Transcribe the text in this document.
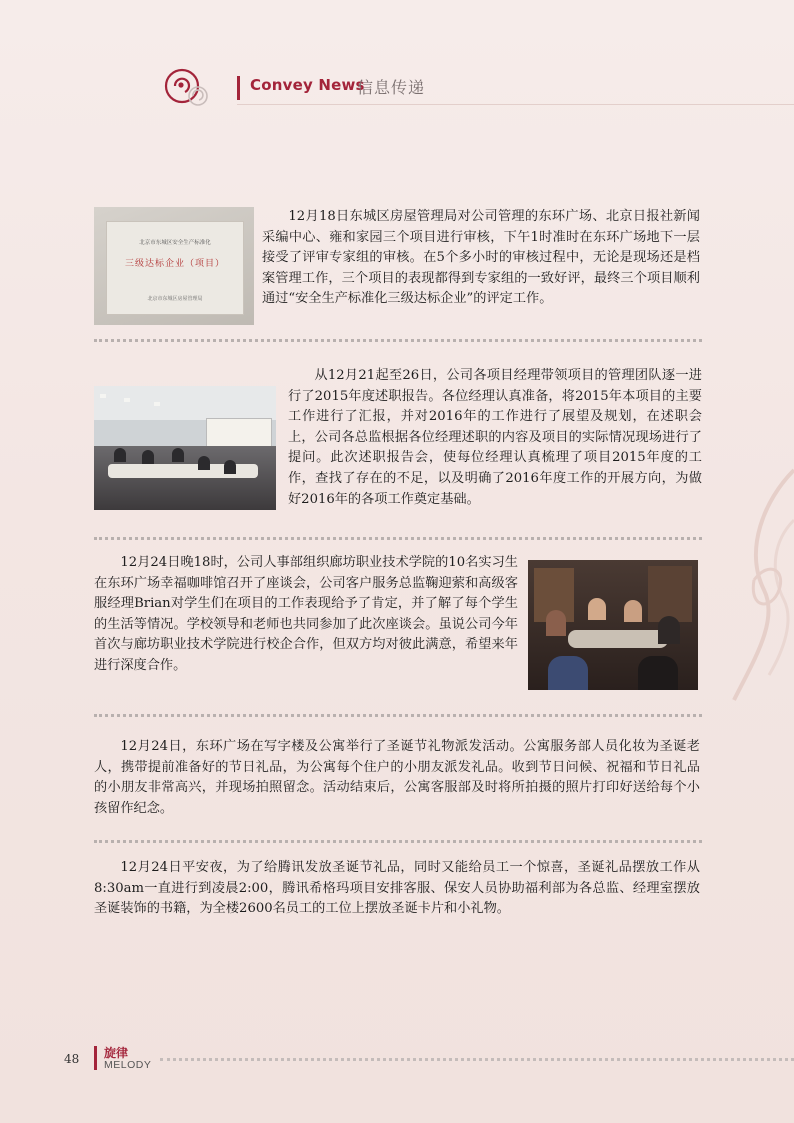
Convey News
信息传递
北京市东城区安全生产标准化
三级达标企业（项目）
北京市东城区房屋管理局

12月18日东城区房屋管理局对公司管理的东环广场、北京日报社新闻采编中心、雍和家园三个项目进行审核，下午1时准时在东环广场地下一层接受了评审专家组的审核。在5个多小时的审核过程中，无论是现场还是档案管理工作，三个项目的表现都得到专家组的一致好评，最终三个项目顺利通过“安全生产标准化三级达标企业”的评定工作。

从12月21起至26日，公司各项目经理带领项目的管理团队逐一进行了2015年度述职报告。各位经理认真准备，将2015年本项目的主要工作进行了汇报，并对2016年的工作进行了展望及规划，在述职会上，公司各总监根据各位经理述职的内容及项目的实际情况现场进行了提问。此次述职报告会，使每位经理认真梳理了项目2015年度的工作，查找了存在的不足，以及明确了2016年度工作的开展方向，为做好2016年的各项工作奠定基础。

12月24日晚18时，公司人事部组织廊坊职业技术学院的10名实习生在东环广场幸福咖啡馆召开了座谈会，公司客户服务总监鞠迎萦和高级客服经理Brian对学生们在项目的工作表现给予了肯定，并了解了每个学生的生活等情况。学校领导和老师也共同参加了此次座谈会。虽说公司今年首次与廊坊职业技术学院进行校企合作，但双方均对彼此满意，希望来年进行深度合作。

12月24日，东环广场在写字楼及公寓举行了圣诞节礼物派发活动。公寓服务部人员化妆为圣诞老人，携带提前准备好的节日礼品，为公寓每个住户的小朋友派发礼品。收到节日问候、祝福和节日礼品的小朋友非常高兴，并现场拍照留念。活动结束后，公寓客服部及时将所拍摄的照片打印好送给每个小孩留作纪念。

12月24日平安夜，为了给腾讯发放圣诞节礼品，同时又能给员工一个惊喜，圣诞礼品摆放工作从8:30am一直进行到凌晨2:00，腾讯希格玛项目安排客服、保安人员协助福利部为各总监、经理室摆放圣诞装饰的书籍，为全楼2600名员工的工位上摆放圣诞卡片和小礼物。

48 旋律
MELODY
